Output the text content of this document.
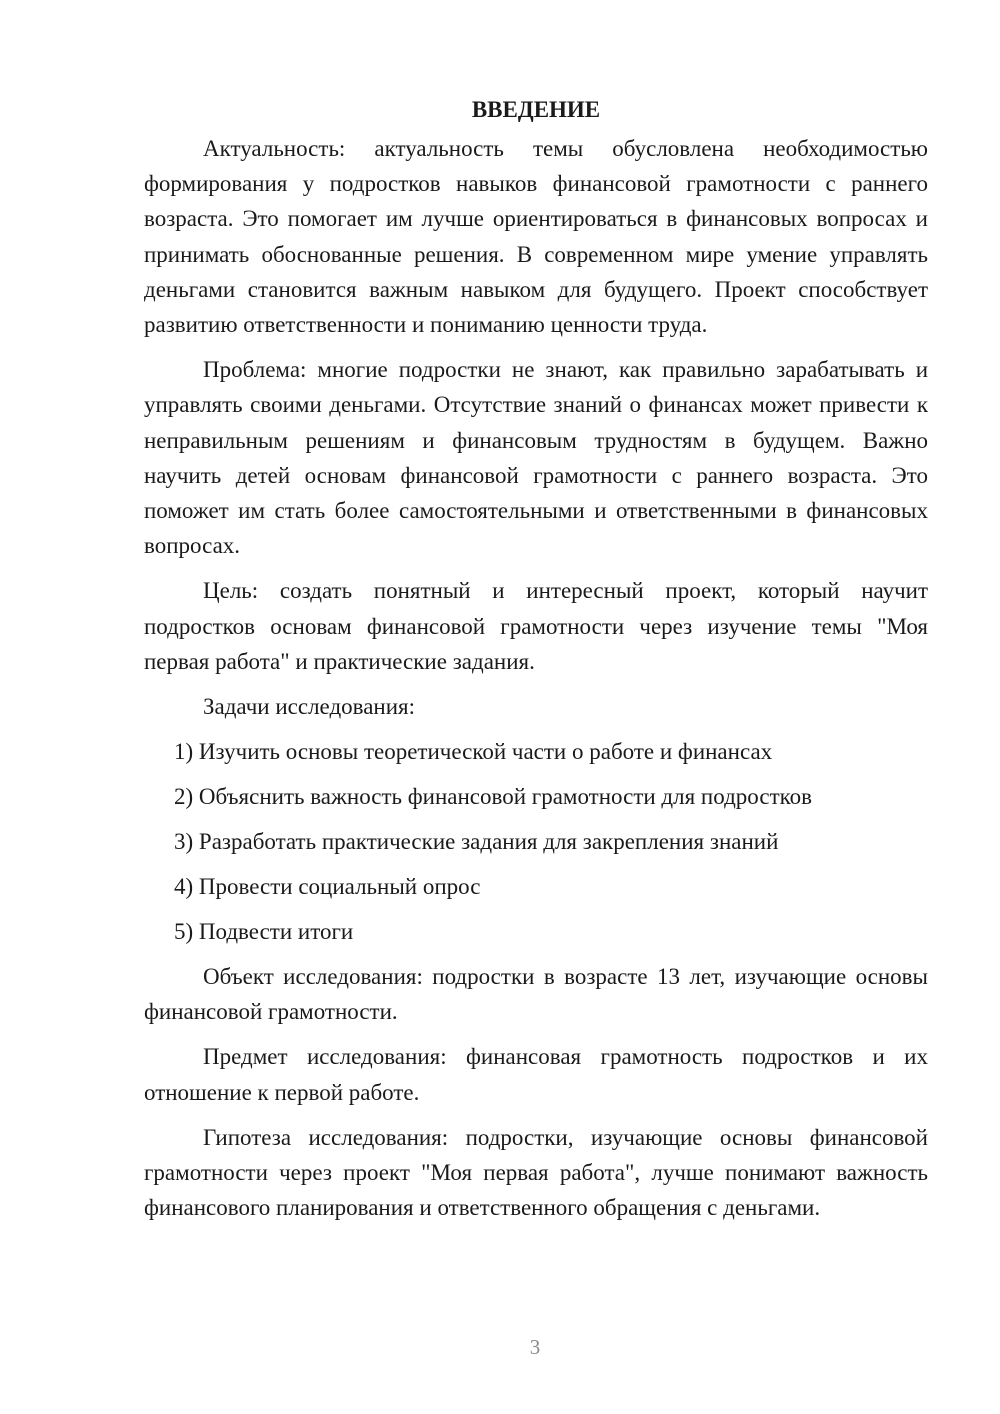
ВВЕДЕНИЕ

Актуальность: актуальность темы обусловлена необходимостью формирования у подростков навыков финансовой грамотности с раннего возраста. Это помогает им лучше ориентироваться в финансовых вопросах и принимать обоснованные решения. В современном мире умение управлять деньгами становится важным навыком для будущего. Проект способствует развитию ответственности и пониманию ценности труда.

Проблема: многие подростки не знают, как правильно зарабатывать и управлять своими деньгами. Отсутствие знаний о финансах может привести к неправильным решениям и финансовым трудностям в будущем. Важно научить детей основам финансовой грамотности с раннего возраста. Это поможет им стать более самостоятельными и ответственными в финансовых вопросах.

Цель: создать понятный и интересный проект, который научит подростков основам финансовой грамотности через изучение темы "Моя первая работа" и практические задания.

Задачи исследования:

1) Изучить основы теоретической части о работе и финансах
2) Объяснить важность финансовой грамотности для подростков
3) Разработать практические задания для закрепления знаний
4) Провести социальный опрос
5) Подвести итоги

Объект исследования: подростки в возрасте 13 лет, изучающие основы финансовой грамотности.

Предмет исследования: финансовая грамотность подростков и их отношение к первой работе.

Гипотеза исследования: подростки, изучающие основы финансовой грамотности через проект "Моя первая работа", лучше понимают важность финансового планирования и ответственного обращения с деньгами.

3
